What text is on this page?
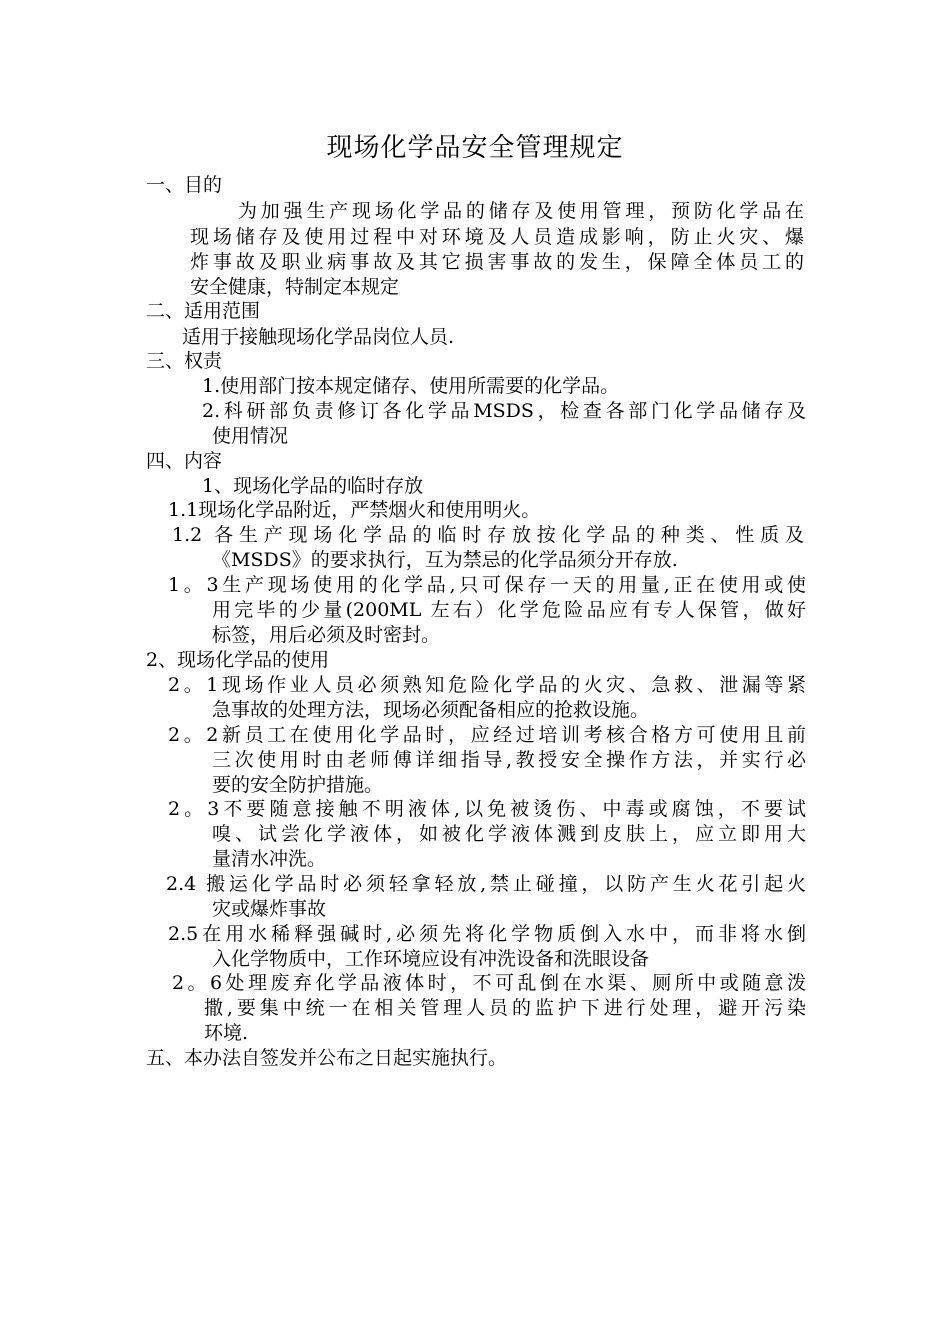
现场化学品安全管理规定
一、目的
为加强生产现场化学品的储存及使用管理，预防化学品在
现场储存及使用过程中对环境及人员造成影响，防止火灾、爆
炸事故及职业病事故及其它损害事故的发生，保障全体员工的
安全健康，特制定本规定
二、适用范围
适用于接触现场化学品岗位人员.
三、权责
1.使用部门按本规定储存、使用所需要的化学品。
2.科研部负责修订各化学品MSDS，检查各部门化学品储存及
使用情况
四、内容
1、现场化学品的临时存放
1.1现场化学品附近，严禁烟火和使用明火。
1.2 各生产现场化学品的临时存放按化学品的种类、性质及
《MSDS》的要求执行，互为禁忌的化学品须分开存放.
1。3生产现场使用的化学品,只可保存一天的用量,正在使用或使
用完毕的少量(200ML 左右）化学危险品应有专人保管，做好
标签，用后必须及时密封。
2、现场化学品的使用
2。1现场作业人员必须熟知危险化学品的火灾、急救、泄漏等紧
急事故的处理方法，现场必须配备相应的抢救设施。
2。2新员工在使用化学品时，应经过培训考核合格方可使用且前
三次使用时由老师傅详细指导,教授安全操作方法，并实行必
要的安全防护措施。
2。3不要随意接触不明液体,以免被烫伤、中毒或腐蚀，不要试
嗅、试尝化学液体，如被化学液体溅到皮肤上，应立即用大
量清水冲洗。
2.4 搬运化学品时必须轻拿轻放,禁止碰撞，以防产生火花引起火
灾或爆炸事故
2.5在用水稀释强碱时,必须先将化学物质倒入水中，而非将水倒
入化学物质中，工作环境应设有冲洗设备和洗眼设备
2。6处理废弃化学品液体时，不可乱倒在水渠、厕所中或随意泼
撒,要集中统一在相关管理人员的监护下进行处理，避开污染
环境.
五、本办法自签发并公布之日起实施执行。
